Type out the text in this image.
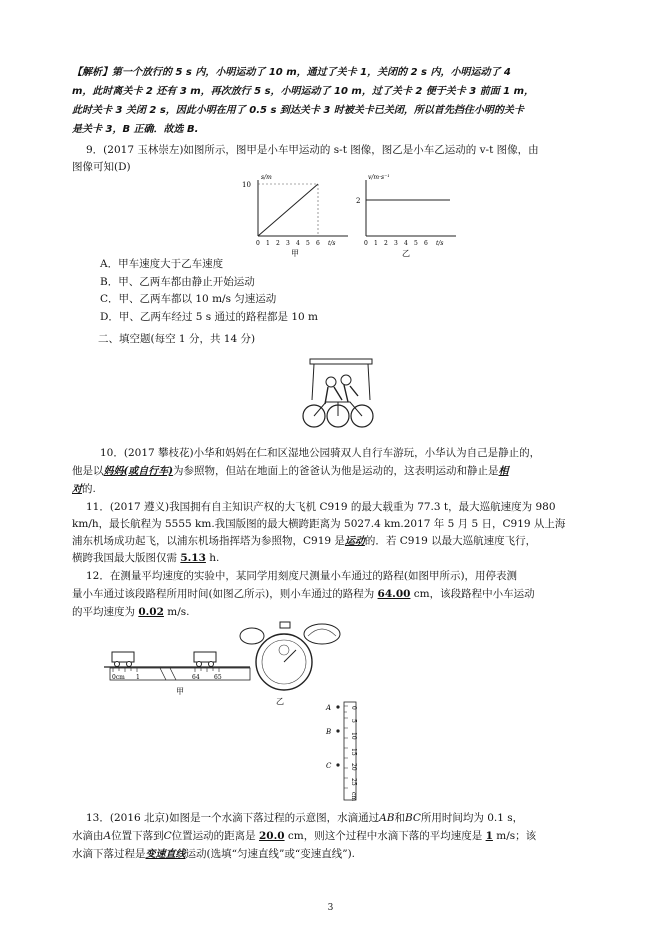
【解析】第一个放行的 5 s 内，小明运动了 10 m，通过了关卡 1，关闭的 2 s 内，小明运动了 4
m，此时离关卡 2 还有 3 m，再次放行 5 s，小明运动了 10 m，过了关卡 2 便于关卡 3 前面 1 m，
此时关卡 3 关闭 2 s，因此小明在用了 0.5 s 到达关卡 3 时被关卡已关闭，所以首先挡住小明的关卡
是关卡 3，B 正确．故选 B.
9．(2017 玉林崇左)如图所示，图甲是小车甲运动的 s-t 图像，图乙是小车乙运动的 v-t 图像，由
图像可知(D)
10
s/m
0 1 2 3 4 5 6 t/s
甲
2
v/m·s⁻¹
0 1 2 3 4 5 6 t/s
乙
A．甲车速度大于乙车速度
B．甲、乙两车都由静止开始运动
C．甲、乙两车都以 10 m/s 匀速运动
D．甲、乙两车经过 5 s 通过的路程都是 10 m
二、填空题(每空 1 分，共 14 分)
10．(2017 攀枝花)小华和妈妈在仁和区湿地公园骑双人自行车游玩，小华认为自己是静止的，
他是以妈妈(或自行车)为参照物，但站在地面上的爸爸认为他是运动的，这表明运动和静止是相
对的.
11．(2017 遵义)我国拥有自主知识产权的大飞机 C919 的最大载重为 77.3 t，最大巡航速度为 980
km/h，最长航程为 5555 km.我国版图的最大横跨距离为 5027.4 km.2017 年 5 月 5 日，C919 从上海
浦东机场成功起飞，以浦东机场指挥塔为参照物，C919 是运动的．若 C919 以最大巡航速度飞行，
横跨我国最大版图仅需 5.13 h.
12．在测量平均速度的实验中，某同学用刻度尺测量小车通过的路程(如图甲所示)，用停表测
量小车通过该段路程所用时间(如图乙所示)，则小车通过的路程为 64.00 cm，该段路程中小车运动
的平均速度为 0.02 m/s.
0cm 1	64 65
甲
乙
A
B
C
0
5
10
15
20
25
cm
13．(2016 北京)如图是一个水滴下落过程的示意图，水滴通过AB和BC所用时间均为 0.1 s，
水滴由A位置下落到C位置运动的距离是 20.0 cm，则这个过程中水滴下落的平均速度是 1 m/s；该
水滴下落过程是变速直线运动(选填“匀速直线”或“变速直线”).
3
